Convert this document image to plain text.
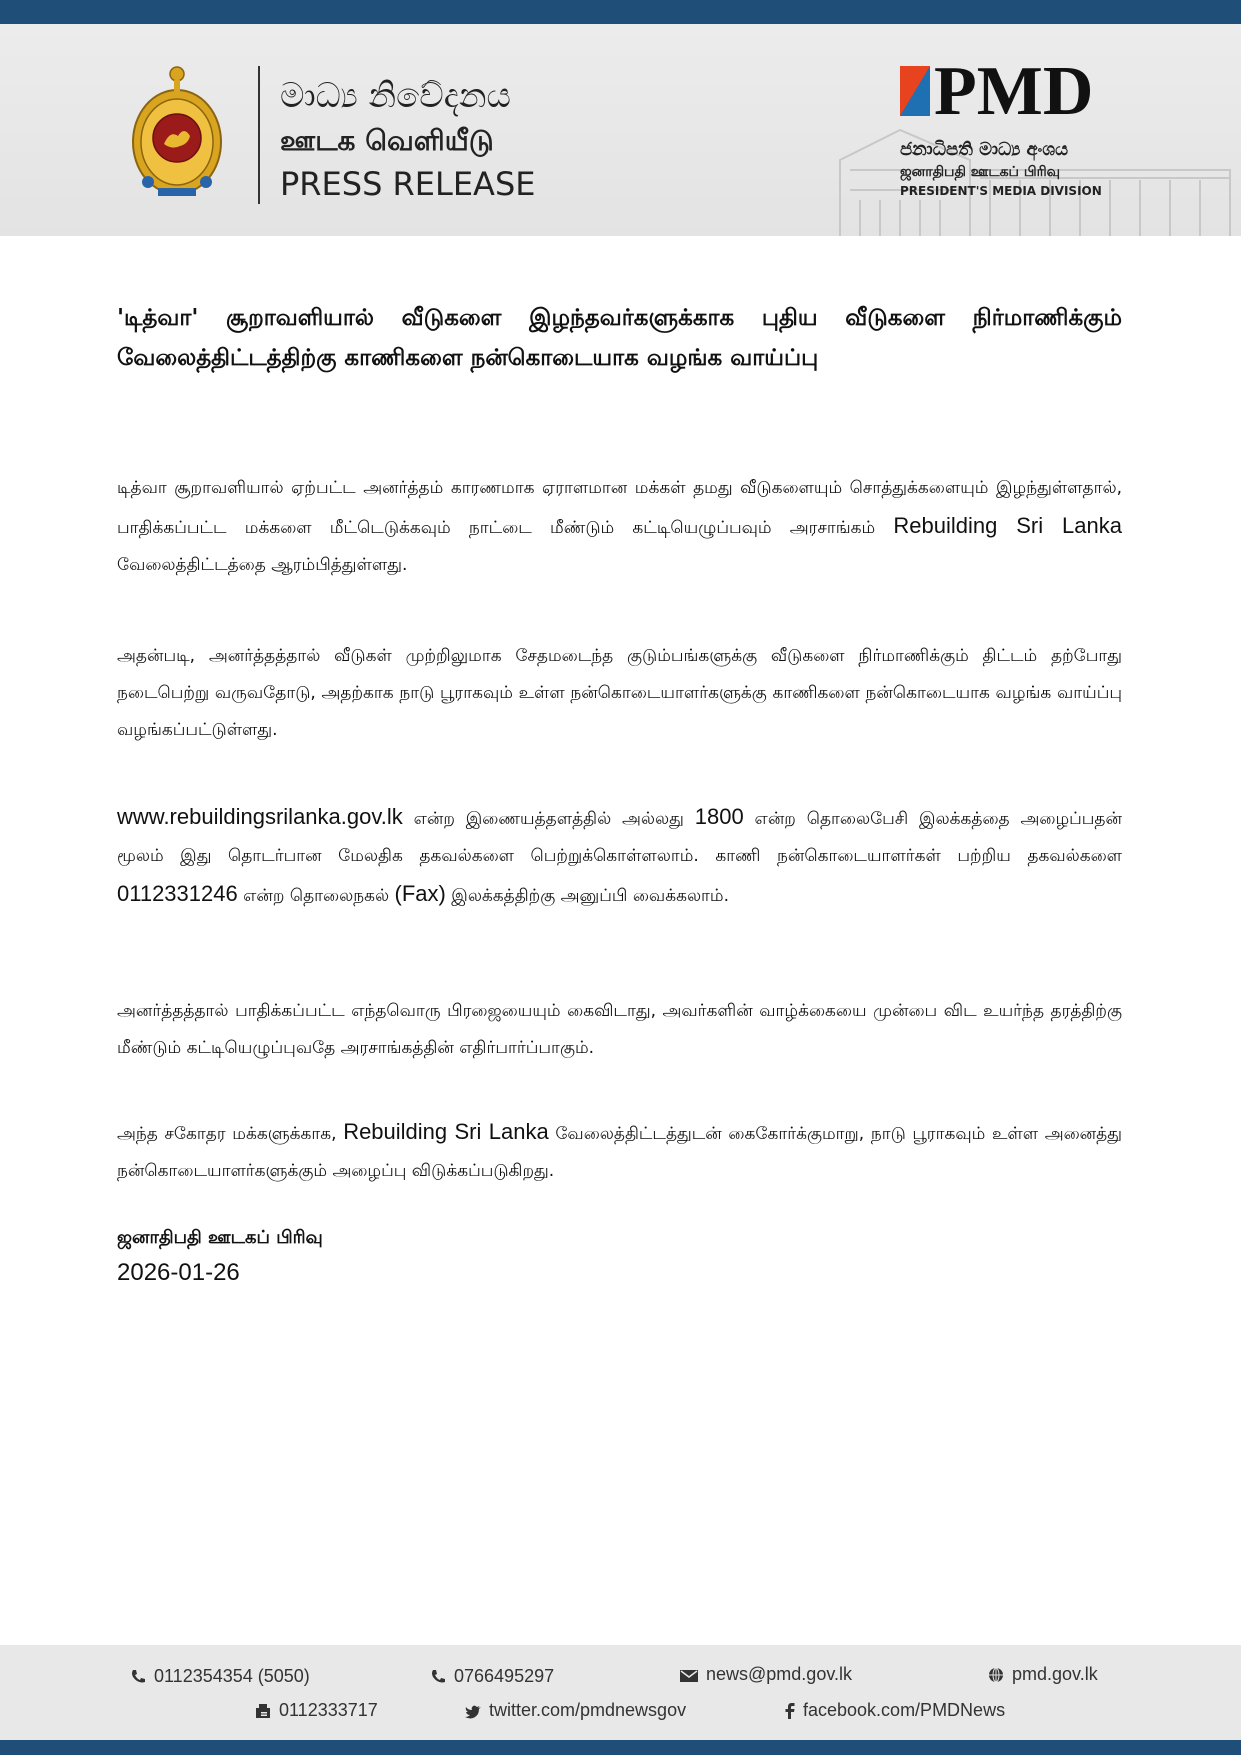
මාධ්‍ය නිවේදනය
ஊடக வெளியீடு
PRESS RELEASE
PMD
ජනාධිපති මාධ්‍ය අංශය
ஜனாதிபதி ஊடகப் பிரிவு
PRESIDENT'S MEDIA DIVISION
'டித்வா' சூறாவளியால் வீடுகளை இழந்தவர்களுக்காக புதிய வீடுகளை நிர்மாணிக்கும் வேலைத்திட்டத்திற்கு காணிகளை நன்கொடையாக வழங்க வாய்ப்பு
டித்வா சூறாவளியால் ஏற்பட்ட அனர்த்தம் காரணமாக ஏராளமான மக்கள் தமது வீடுகளையும் சொத்துக்களையும் இழந்துள்ளதால், பாதிக்கப்பட்ட மக்களை மீட்டெடுக்கவும் நாட்டை மீண்டும் கட்டியெழுப்பவும் அரசாங்கம் Rebuilding Sri Lanka வேலைத்திட்டத்தை ஆரம்பித்துள்ளது.
அதன்படி, அனர்த்தத்தால் வீடுகள் முற்றிலுமாக சேதமடைந்த குடும்பங்களுக்கு வீடுகளை நிர்மாணிக்கும் திட்டம் தற்போது நடைபெற்று வருவதோடு, அதற்காக நாடு பூராகவும் உள்ள நன்கொடையாளர்களுக்கு காணிகளை நன்கொடையாக வழங்க வாய்ப்பு வழங்கப்பட்டுள்ளது.
www.rebuildingsrilanka.gov.lk என்ற இணையத்தளத்தில் அல்லது 1800 என்ற தொலைபேசி இலக்கத்தை அழைப்பதன் மூலம் இது தொடர்பான மேலதிக தகவல்களை பெற்றுக்கொள்ளலாம். காணி நன்கொடையாளர்கள் பற்றிய தகவல்களை 0112331246 என்ற தொலைநகல் (Fax) இலக்கத்திற்கு அனுப்பி வைக்கலாம்.
அனர்த்தத்தால் பாதிக்கப்பட்ட எந்தவொரு பிரஜையையும் கைவிடாது, அவர்களின் வாழ்க்கையை முன்பை விட உயர்ந்த தரத்திற்கு மீண்டும் கட்டியெழுப்புவதே அரசாங்கத்தின் எதிர்பார்ப்பாகும்.
அந்த சகோதர மக்களுக்காக, Rebuilding Sri Lanka வேலைத்திட்டத்துடன் கைகோர்க்குமாறு, நாடு பூராகவும் உள்ள அனைத்து நன்கொடையாளர்களுக்கும் அழைப்பு விடுக்கப்படுகிறது.
ஜனாதிபதி ஊடகப் பிரிவு
2026-01-26
0112354354 (5050)	0766495297	news@pmd.gov.lk	pmd.gov.lk
0112333717	twitter.com/pmdnewsgov	facebook.com/PMDNews
